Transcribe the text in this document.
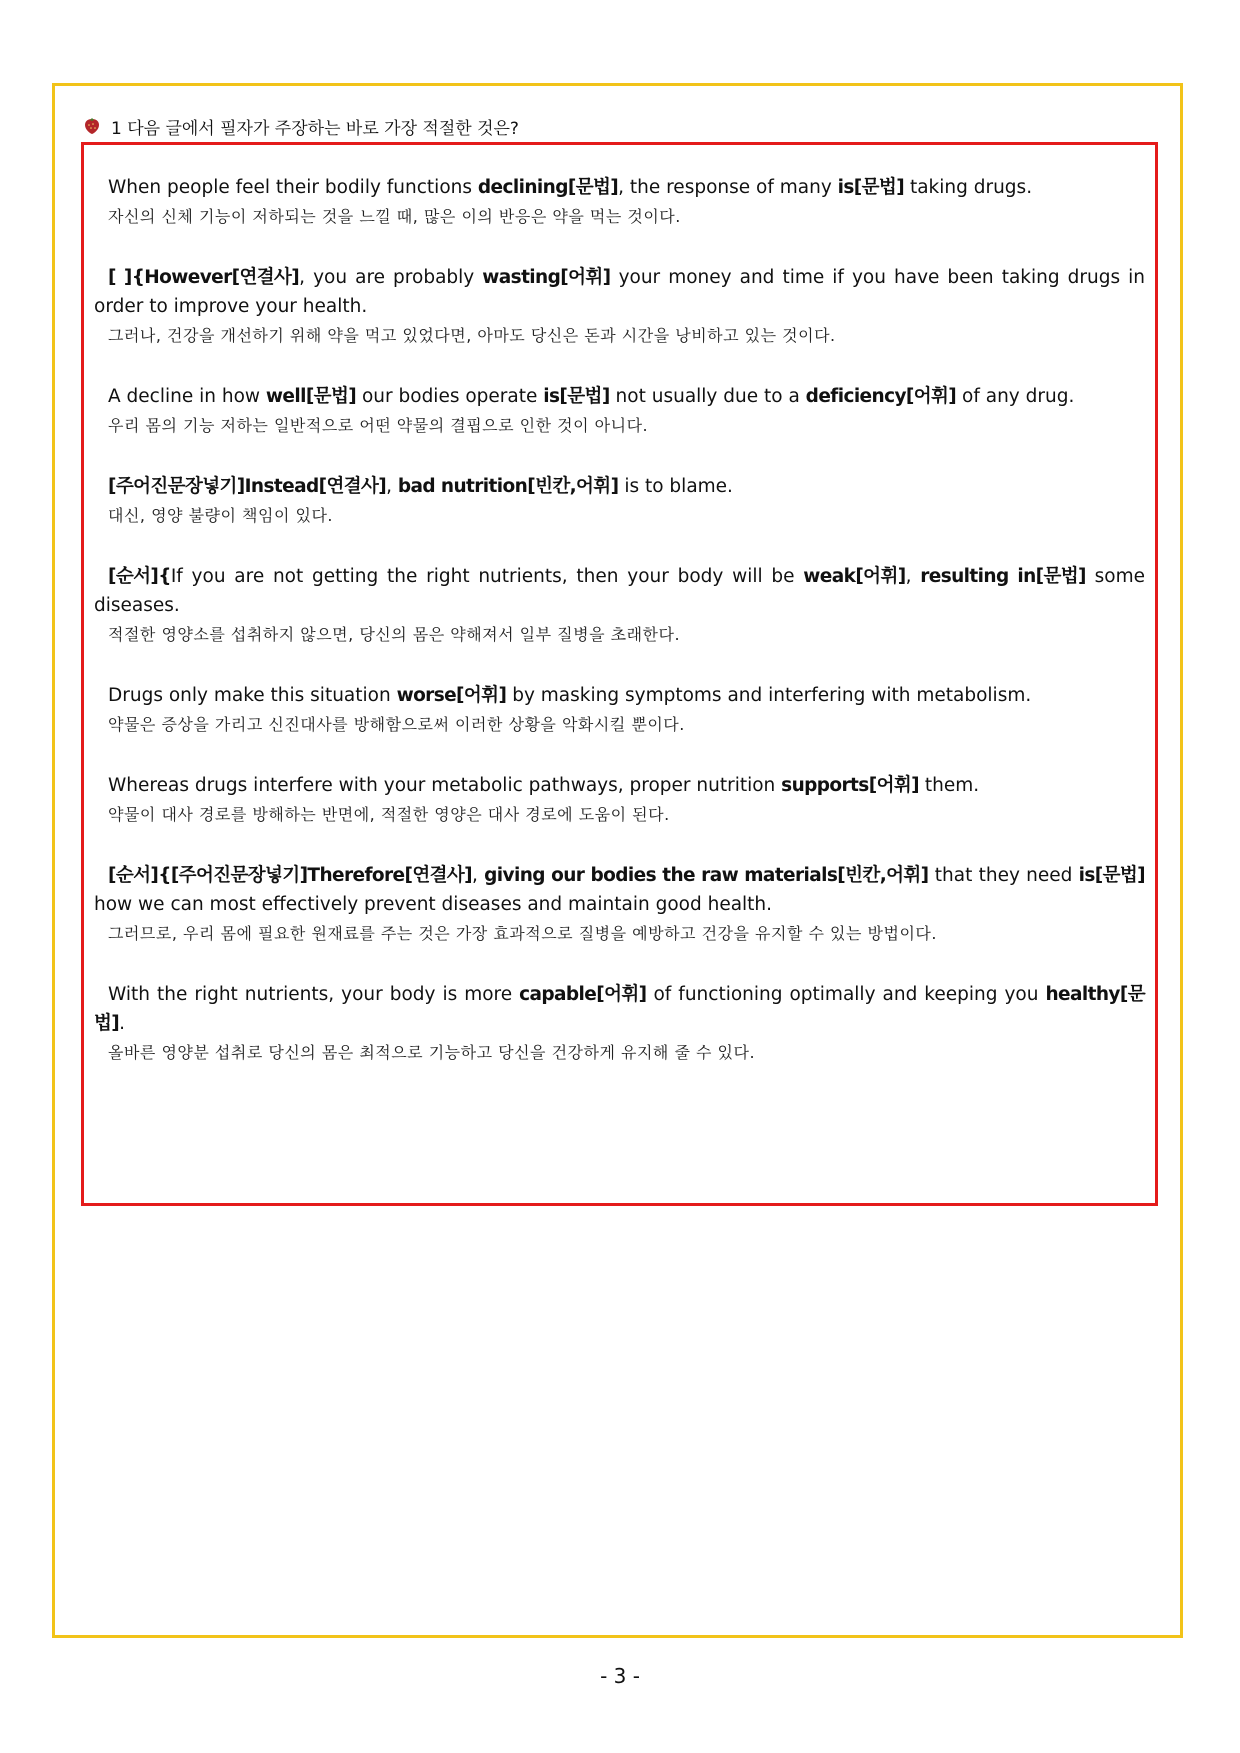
1 다음 글에서 필자가 주장하는 바로 가장 적절한 것은?
When people feel their bodily functions declining[문법], the response of many is[문법] taking drugs.
자신의 신체 기능이 저하되는 것을 느낄 때, 많은 이의 반응은 약을 먹는 것이다.
[ ]{However[연결사], you are probably wasting[어휘] your money and time if you have been taking drugs in order to improve your health.
그러나, 건강을 개선하기 위해 약을 먹고 있었다면, 아마도 당신은 돈과 시간을 낭비하고 있는 것이다.
A decline in how well[문법] our bodies operate is[문법] not usually due to a deficiency[어휘] of any drug.
우리 몸의 기능 저하는 일반적으로 어떤 약물의 결핍으로 인한 것이 아니다.
[주어진문장넣기]Instead[연결사], bad nutrition[빈칸,어휘] is to blame.
대신, 영양 불량이 책임이 있다.
[순서]{If you are not getting the right nutrients, then your body will be weak[어휘], resulting in[문법] some diseases.
적절한 영양소를 섭취하지 않으면, 당신의 몸은 약해져서 일부 질병을 초래한다.
Drugs only make this situation worse[어휘] by masking symptoms and interfering with metabolism.
약물은 증상을 가리고 신진대사를 방해함으로써 이러한 상황을 악화시킬 뿐이다.
Whereas drugs interfere with your metabolic pathways, proper nutrition supports[어휘] them.
약물이 대사 경로를 방해하는 반면에, 적절한 영양은 대사 경로에 도움이 된다.
[순서]{[주어진문장넣기]Therefore[연결사], giving our bodies the raw materials[빈칸,어휘] that they need is[문법] how we can most effectively prevent diseases and maintain good health.
그러므로, 우리 몸에 필요한 원재료를 주는 것은 가장 효과적으로 질병을 예방하고 건강을 유지할 수 있는 방법이다.
With the right nutrients, your body is more capable[어휘] of functioning optimally and keeping you healthy[문법].
올바른 영양분 섭취로 당신의 몸은 최적으로 기능하고 당신을 건강하게 유지해 줄 수 있다.
- 3 -
